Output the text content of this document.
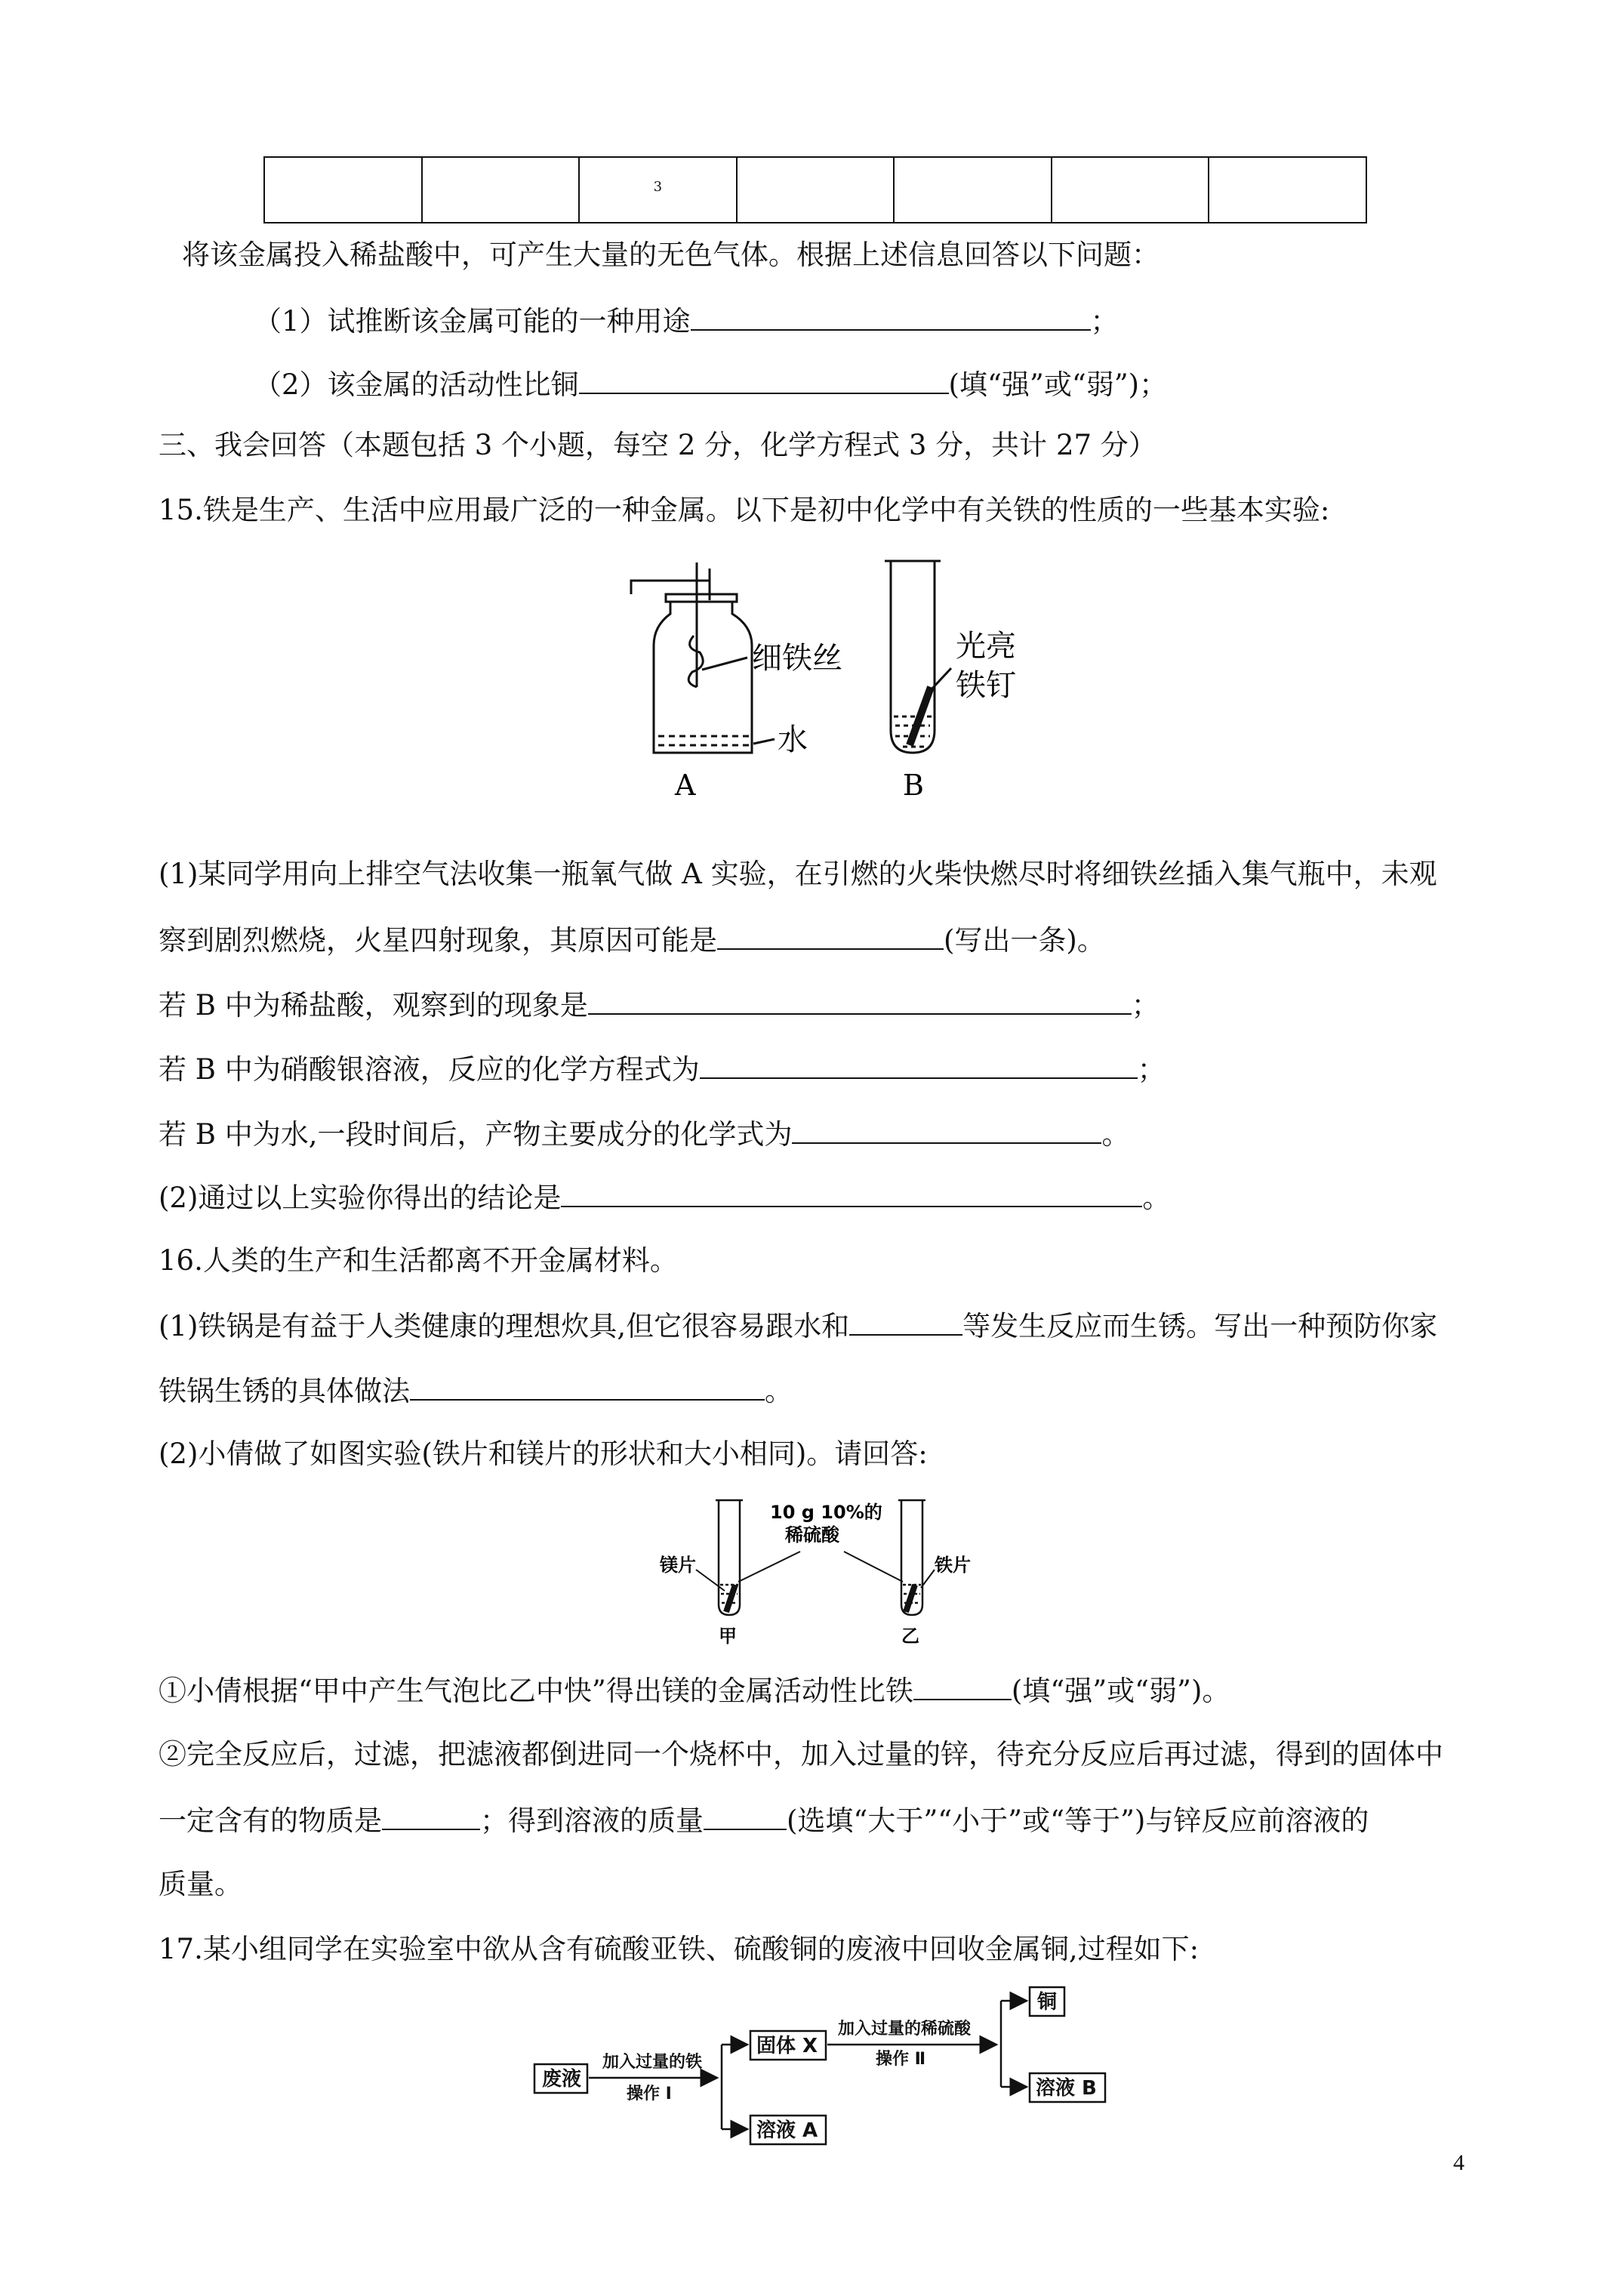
		3				
将该金属投入稀盐酸中，可产生大量的无色气体。根据上述信息回答以下问题：
（1）试推断该金属可能的一种用途	；
（2）该金属的活动性比铜	(填“强”或“弱”)；
三、我会回答（本题包括 3 个小题，每空 2 分，化学方程式 3 分，共计 27 分）
15.铁是生产、生活中应用最广泛的一种金属。以下是初中化学中有关铁的性质的一些基本实验:
细铁丝
水
A
光亮
铁钉
B
(1)某同学用向上排空气法收集一瓶氧气做 A 实验，在引燃的火柴快燃尽时将细铁丝插入集气瓶中，未观
察到剧烈燃烧，火星四射现象，其原因可能是	(写出一条)。
若 B 中为稀盐酸，观察到的现象是	；
若 B 中为硝酸银溶液，反应的化学方程式为	；
若 B 中为水,一段时间后，产物主要成分的化学式为	。
(2)通过以上实验你得出的结论是	。
16.人类的生产和生活都离不开金属材料。
(1)铁锅是有益于人类健康的理想炊具,但它很容易跟水和	等发生反应而生锈。写出一种预防你家
铁锅生锈的具体做法	。
(2)小倩做了如图实验(铁片和镁片的形状和大小相同)。请回答:
10 g 10%的
稀硫酸
镁片	铁片
甲	乙
①小倩根据“甲中产生气泡比乙中快”得出镁的金属活动性比铁	(填“强”或“弱”)。
②完全反应后，过滤，把滤液都倒进同一个烧杯中，加入过量的锌，待充分反应后再过滤，得到的固体中
一定含有的物质是	；得到溶液的质量	(选填“大于”“小于”或“等于”)与锌反应前溶液的
质量。
17.某小组同学在实验室中欲从含有硫酸亚铁、硫酸铜的废液中回收金属铜,过程如下:
废液
固体 X
溶液 A
铜
溶液 B
加入过量的铁
操作 Ⅰ
加入过量的稀硫酸
操作 Ⅱ
4
